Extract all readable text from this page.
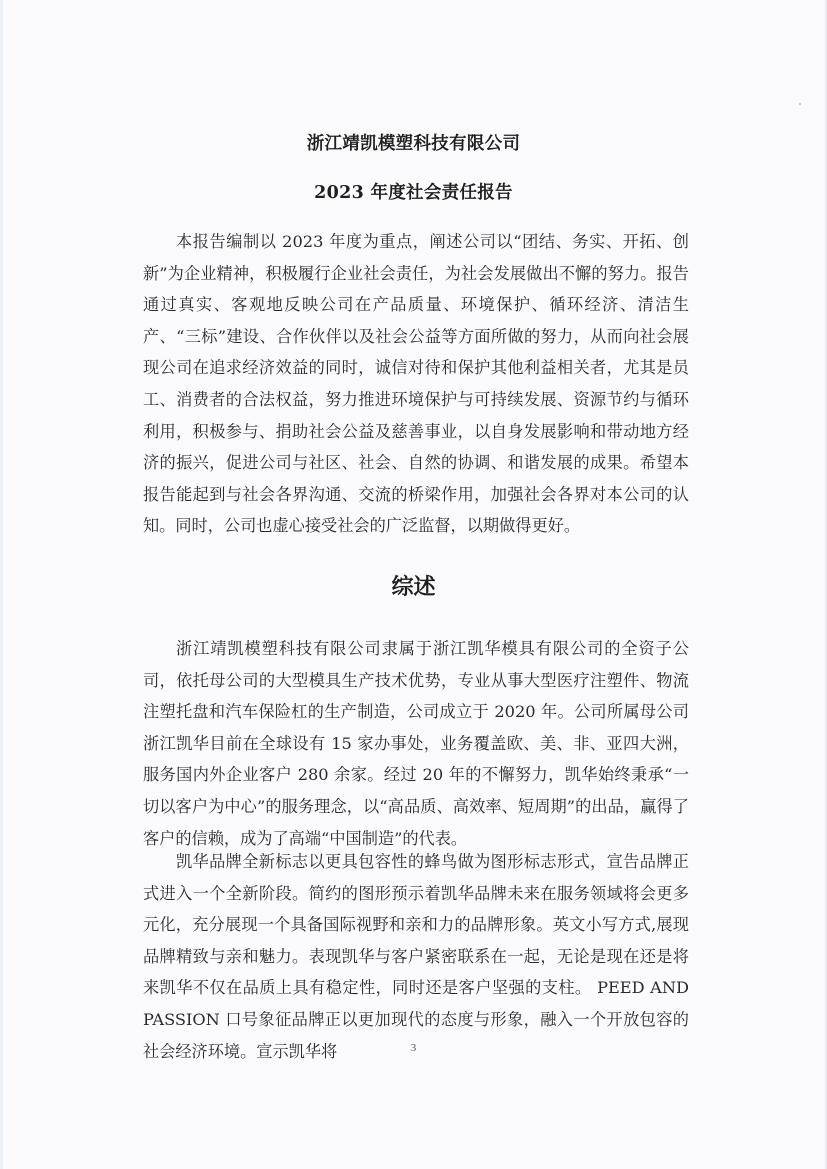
浙江靖凯模塑科技有限公司
2023 年度社会责任报告

本报告编制以 2023 年度为重点，阐述公司以“团结、务实、开拓、创新”为企业精神，积极履行企业社会责任，为社会发展做出不懈的努力。报告通过真实、客观地反映公司在产品质量、环境保护、循环经济、清洁生产、“三标”建设、合作伙伴以及社会公益等方面所做的努力，从而向社会展现公司在追求经济效益的同时，诚信对待和保护其他利益相关者，尤其是员工、消费者的合法权益，努力推进环境保护与可持续发展、资源节约与循环利用，积极参与、捐助社会公益及慈善事业，以自身发展影响和带动地方经济的振兴，促进公司与社区、社会、自然的协调、和谐发展的成果。希望本报告能起到与社会各界沟通、交流的桥梁作用，加强社会各界对本公司的认知。同时，公司也虚心接受社会的广泛监督，以期做得更好。

综述

浙江靖凯模塑科技有限公司隶属于浙江凯华模具有限公司的全资子公司，依托母公司的大型模具生产技术优势，专业从事大型医疗注塑件、物流注塑托盘和汽车保险杠的生产制造，公司成立于 2020 年。公司所属母公司浙江凯华目前在全球设有 15 家办事处，业务覆盖欧、美、非、亚四大洲，服务国内外企业客户 280 余家。经过 20 年的不懈努力，凯华始终秉承“一切以客户为中心”的服务理念，以“高品质、高效率、短周期”的出品，赢得了客户的信赖，成为了高端“中国制造”的代表。

凯华品牌全新标志以更具包容性的蜂鸟做为图形标志形式，宣告品牌正式进入一个全新阶段。简约的图形预示着凯华品牌未来在服务领域将会更多元化，充分展现一个具备国际视野和亲和力的品牌形象。英文小写方式,展现品牌精致与亲和魅力。表现凯华与客户紧密联系在一起，无论是现在还是将来凯华不仅在品质上具有稳定性，同时还是客户坚强的支柱。 PEED AND PASSION 口号象征品牌正以更加现代的态度与形象，融入一个开放包容的社会经济环境。宣示凯华将	3
